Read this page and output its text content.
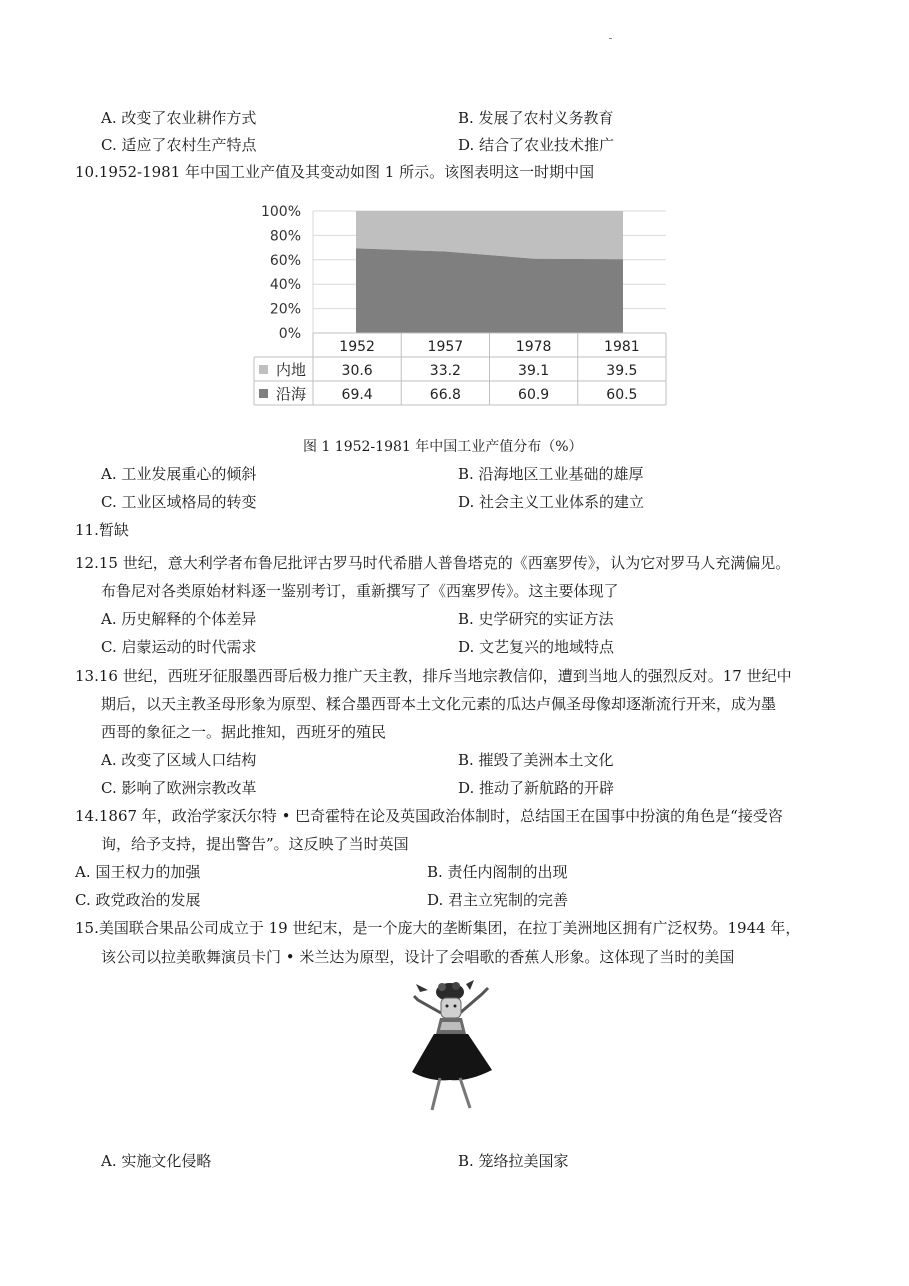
A. 改变了农业耕作方式	B. 发展了农村义务教育
C. 适应了农村生产特点	D. 结合了农业技术推广
10.1952-1981 年中国工业产值及其变动如图 1 所示。该图表明这一时期中国
100%
80%
60%
40%
20%
0%
1952	1957	1978	1981
内地	30.6	33.2	39.1	39.5
沿海	69.4	66.8	60.9	60.5
图 1 1952-1981 年中国工业产值分布（%）
A. 工业发展重心的倾斜	B. 沿海地区工业基础的雄厚
C. 工业区域格局的转变	D. 社会主义工业体系的建立
11.暂缺
12.15 世纪，意大利学者布鲁尼批评古罗马时代希腊人普鲁塔克的《西塞罗传》，认为它对罗马人充满偏见。
布鲁尼对各类原始材料逐一鉴别考订，重新撰写了《西塞罗传》。这主要体现了
A. 历史解释的个体差异	B. 史学研究的实证方法
C. 启蒙运动的时代需求	D. 文艺复兴的地域特点
13.16 世纪，西班牙征服墨西哥后极力推广天主教，排斥当地宗教信仰，遭到当地人的强烈反对。17 世纪中
期后，以天主教圣母形象为原型、糅合墨西哥本土文化元素的瓜达卢佩圣母像却逐渐流行开来，成为墨
西哥的象征之一。据此推知，西班牙的殖民
A. 改变了区域人口结构	B. 摧毁了美洲本土文化
C. 影响了欧洲宗教改革	D. 推动了新航路的开辟
14.1867 年，政治学家沃尔特 • 巴奇霍特在论及英国政治体制时，总结国王在国事中扮演的角色是“接受咨
询，给予支持，提出警告”。这反映了当时英国
A. 国王权力的加强	B. 责任内阁制的出现
C. 政党政治的发展	D. 君主立宪制的完善
15.美国联合果品公司成立于 19 世纪末，是一个庞大的垄断集团，在拉丁美洲地区拥有广泛权势。1944 年，
该公司以拉美歌舞演员卡门 • 米兰达为原型，设计了会唱歌的香蕉人形象。这体现了当时的美国
A. 实施文化侵略	B. 笼络拉美国家
